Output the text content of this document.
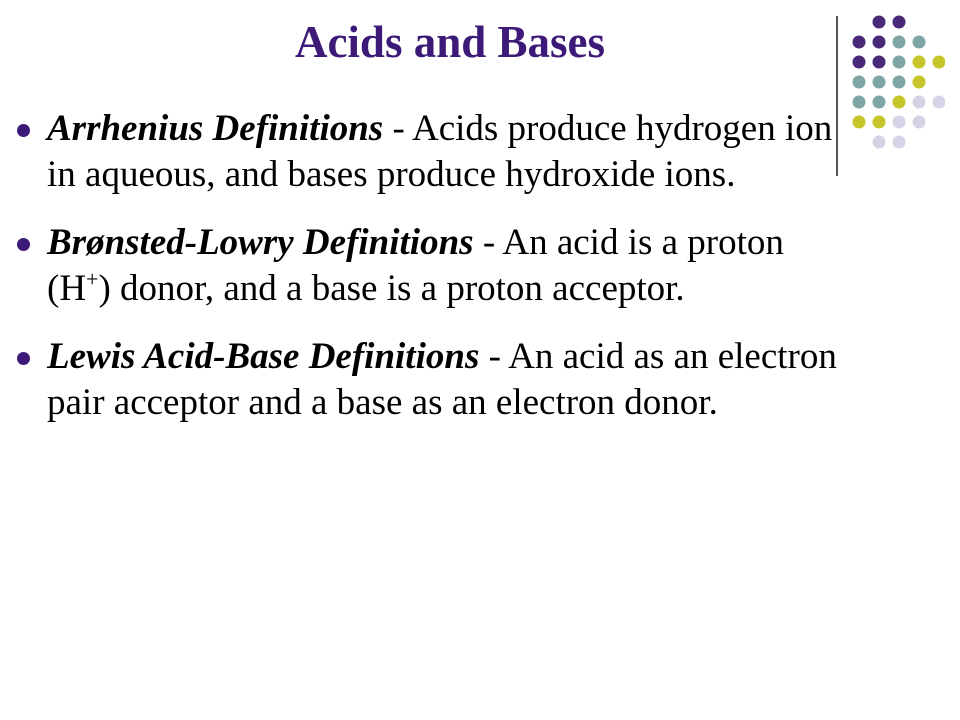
Acids and Bases
Arrhenius Definitions - Acids produce hydrogen ion in aqueous, and bases produce hydroxide ions.
Brønsted-Lowry Definitions - An acid is a proton (H+) donor, and a base is a proton acceptor.
Lewis Acid-Base Definitions - An acid as an electron pair acceptor and a base as an electron donor.
